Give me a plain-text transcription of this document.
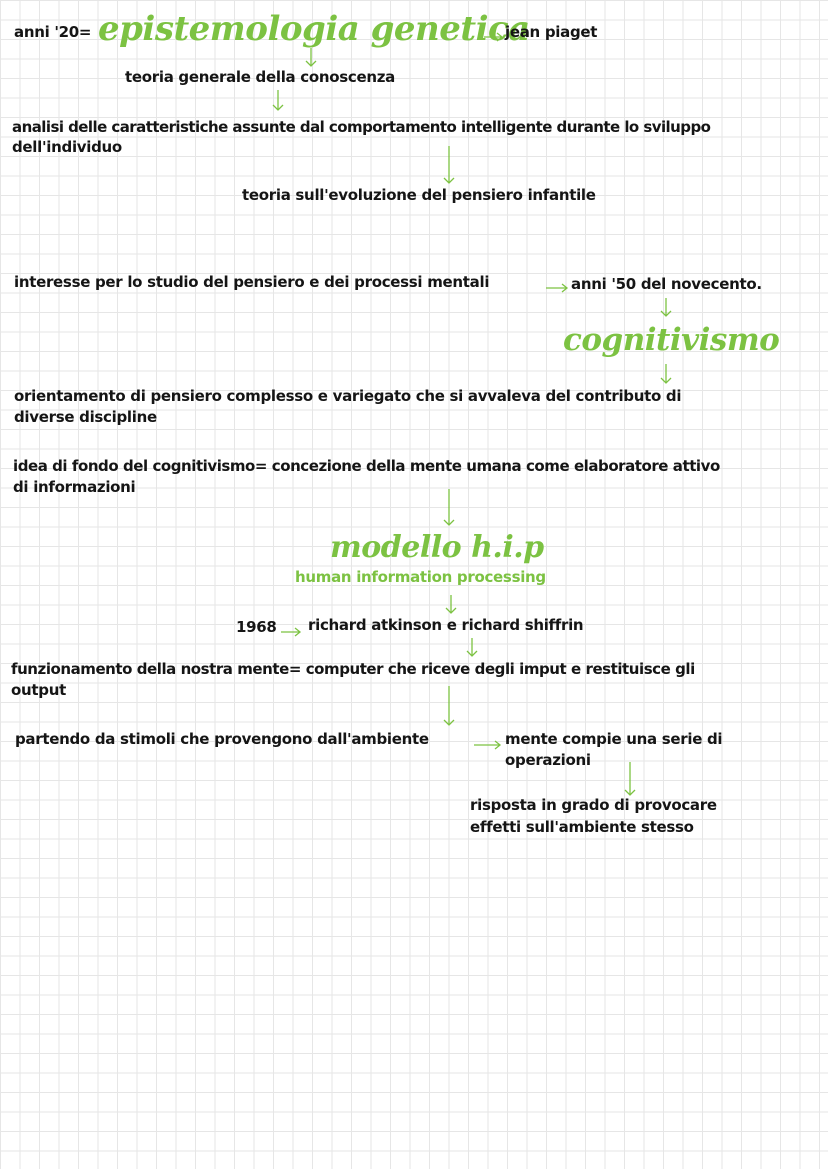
anni '20= epistemologia genetica
jean piaget
teoria generale della conoscenza
analisi delle caratteristiche assunte dal comportamento intelligente durante lo sviluppo
dell'individuo
teoria sull'evoluzione del pensiero infantile
interesse per lo studio del pensiero e dei processi mentali	anni '50 del novecento.
cognitivismo
orientamento di pensiero complesso e variegato che si avvaleva del contributo di
diverse discipline
idea di fondo del cognitivismo= concezione della mente umana come elaboratore attivo
di informazioni
modello h.i.p
human information processing
1968 richard atkinson e richard shiffrin
funzionamento della nostra mente= computer che riceve degli imput e restituisce gli
output
partendo da stimoli che provengono dall'ambiente	mente compie una serie di
operazioni
risposta in grado di provocare
effetti sull'ambiente stesso
